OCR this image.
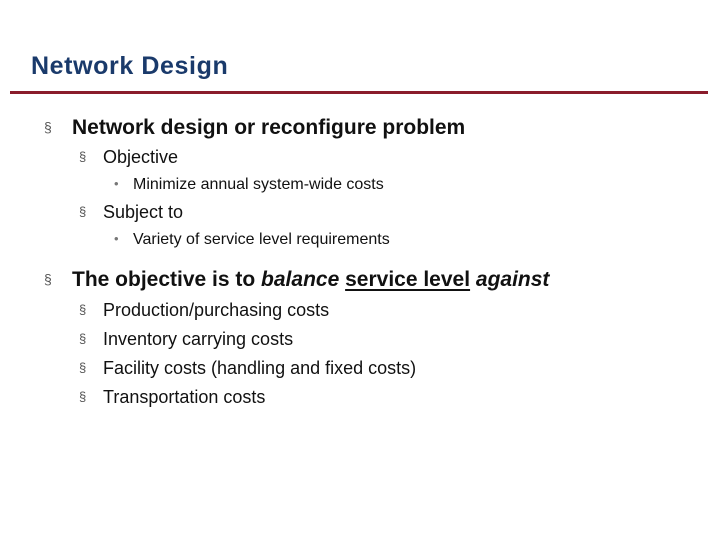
Network Design
§ Network design or reconfigure problem
§ Objective
• Minimize annual system-wide costs
§ Subject to
• Variety of service level requirements
§ The objective is to balance service level against
§ Production/purchasing costs
§ Inventory carrying costs
§ Facility costs (handling and fixed costs)
§ Transportation costs
